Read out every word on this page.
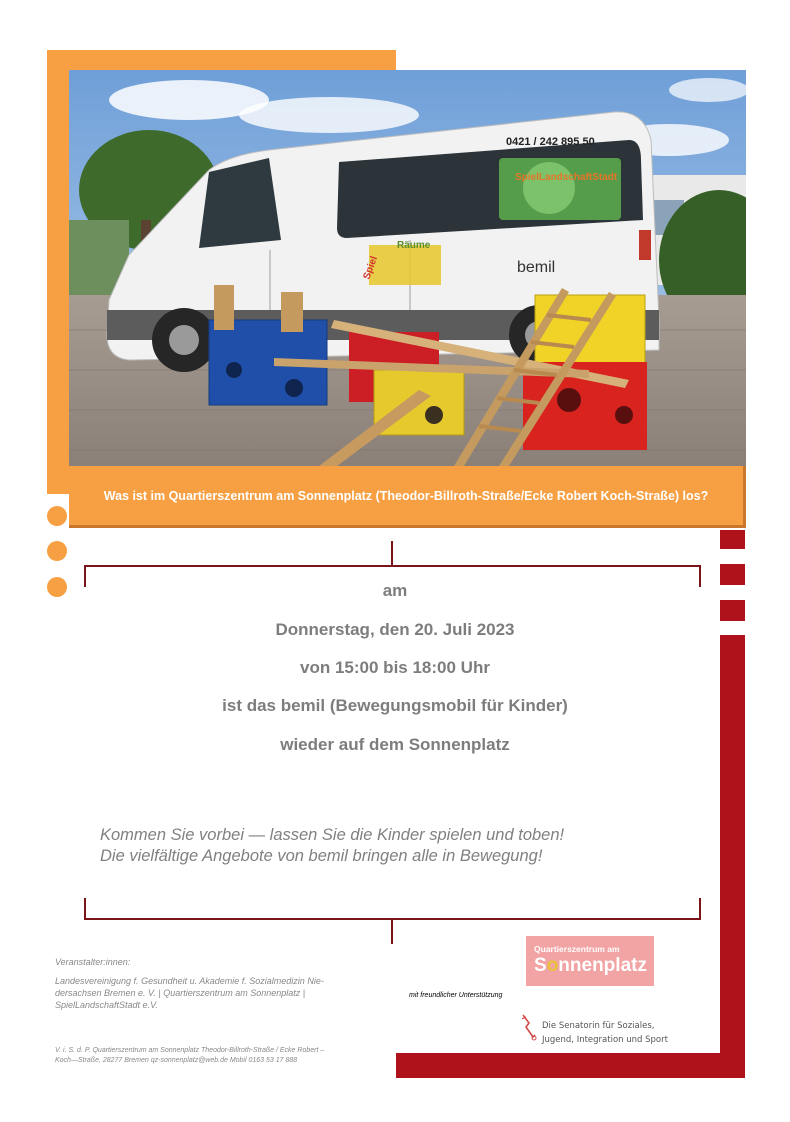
0421 / 242 895 50
SpielLandschaftStadt
Räume
Spiel	bemil
Was ist im Quartierszentrum am Sonnenplatz (Theodor-Billroth-Straße/Ecke Robert Koch-Straße) los?
am
Donnerstag, den 20. Juli 2023
von 15:00 bis 18:00 Uhr
ist das bemil (Bewegungsmobil für Kinder)
wieder auf dem Sonnenplatz
Kommen Sie vorbei — lassen Sie die Kinder spielen und toben!
Die vielfältige Angebote von bemil bringen alle in Bewegung!
Veranstalter:innen:
Landesvereinigung f. Gesundheit u. Akademie f. Sozialmedizin Nie-
dersachsen Bremen e. V. | Quartierszentrum am Sonnenplatz |
SpielLandschaftStadt e.V.
V. i. S. d. P. Quartierszentrum am Sonnenplatz Theodor-Billroth-Straße / Ecke Robert –
Koch—Straße, 28277 Bremen qz-sonnenplatz@web.de Mobil 0163 53 17 888
mit freundlicher Unterstützung
Quartierszentrum am
Sonnenplatz
Die Senatorin für Soziales,
Jugend, Integration und Sport
